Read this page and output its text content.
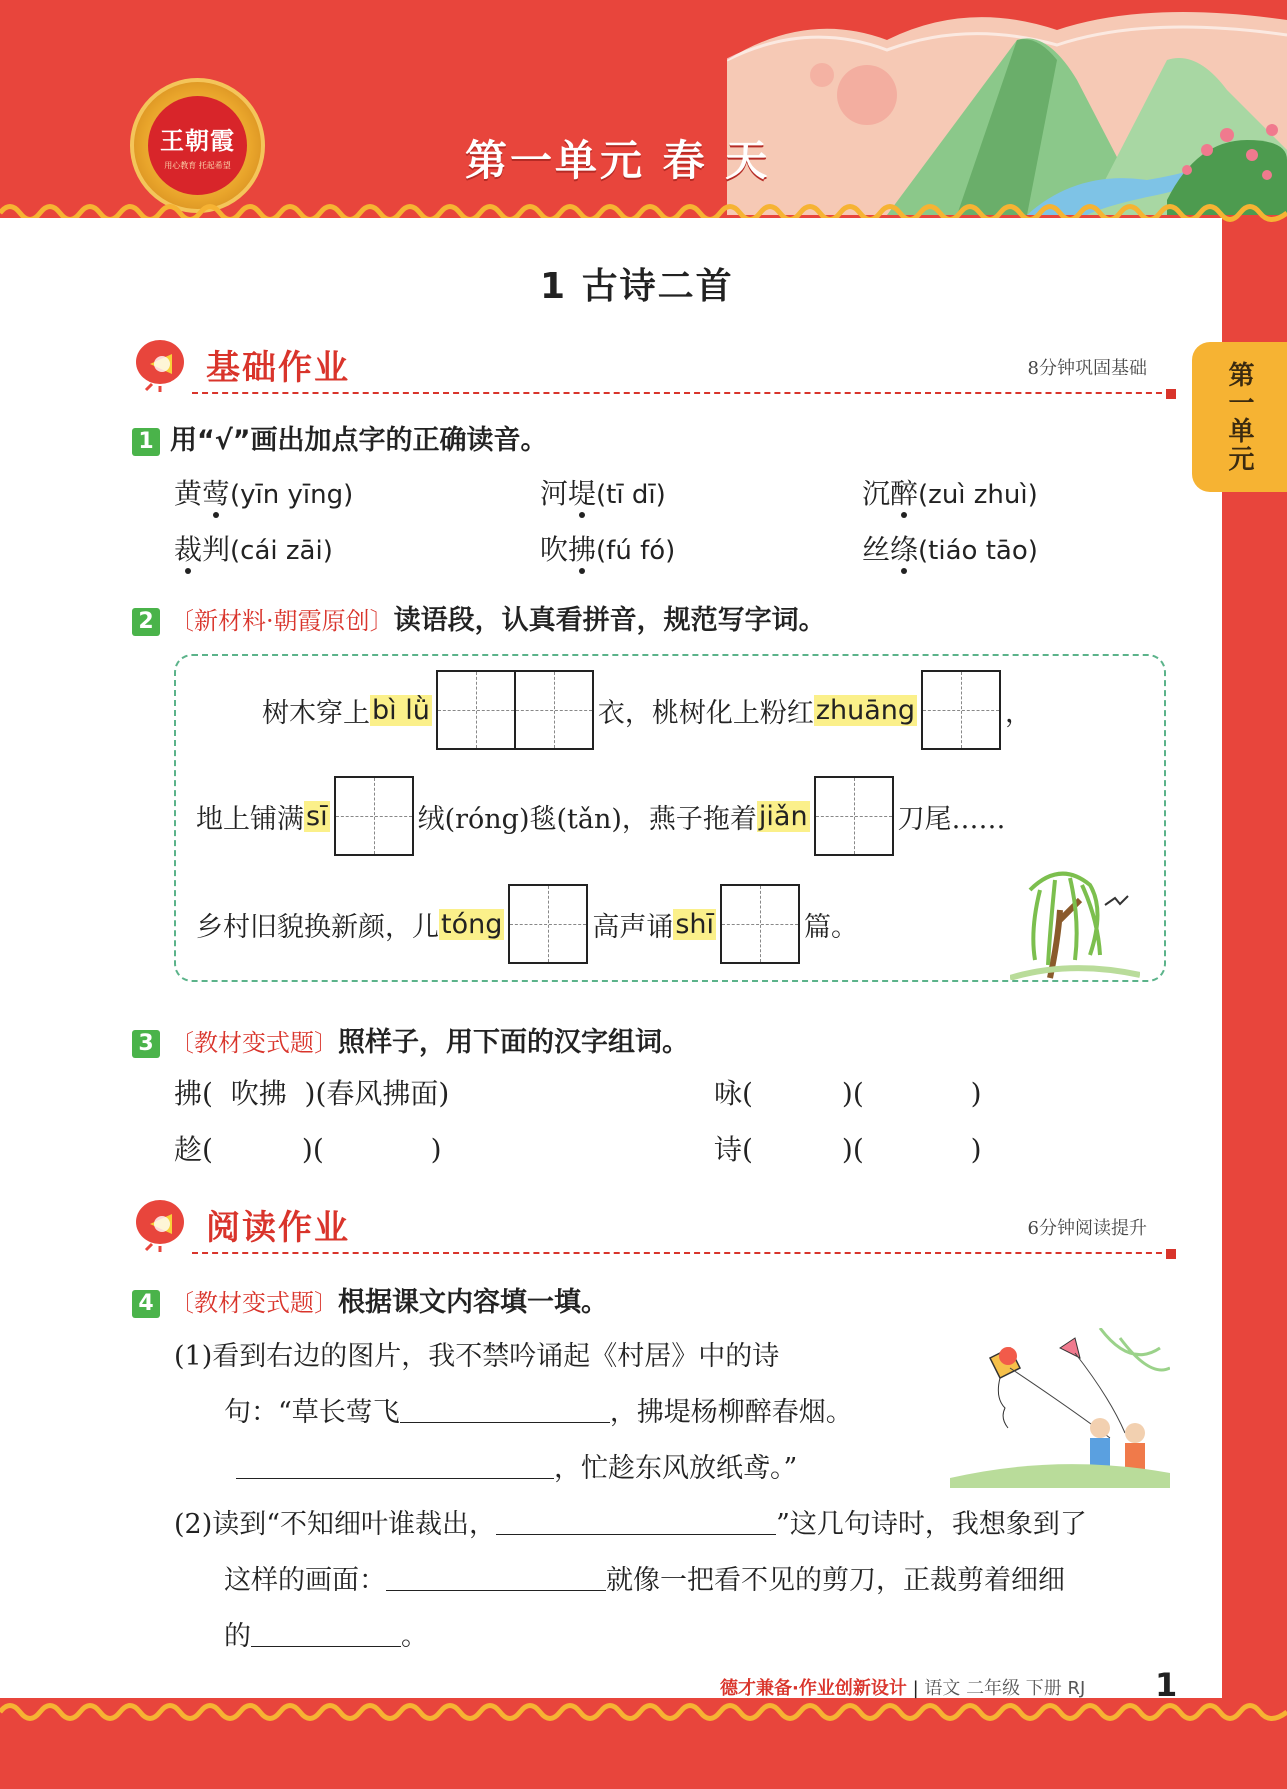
王朝霞
用心教育 托起希望	第一单元 春 天
第一单元
1 古诗二首
基础作业	8分钟巩固基础
1 用“√”画出加点字的正确读音。
黄莺(yīn yīng)	河堤(tī dī)	沉醉(zuì zhuì)
裁判(cái zāi)	吹拂(fú fó)	丝绦(tiáo tāo)
2 〔新材料·朝霞原创〕读语段，认真看拼音，规范写字词。
树木穿上 bì lǜ	衣，桃树化上粉红 zhuāng	，
地上铺满 sī	绒(róng)毯(tǎn)，燕子拖着 jiǎn	刀尾……
乡村旧貌换新颜，儿 tóng	高声诵 shī	篇。
3 〔教材变式题〕照样子，用下面的汉字组词。
拂(  吹拂  )(春风拂面)	咏(          )(            )
趁(          )(            )	诗(          )(            )
阅读作业	6分钟阅读提升
4 〔教材变式题〕根据课文内容填一填。
(1)看到右边的图片，我不禁吟诵起《村居》中的诗
句：“草长莺飞	，拂堤杨柳醉春烟。
，忙趁东风放纸鸢。”
(2)读到“不知细叶谁裁出，	”这几句诗时，我想象到了
这样的画面：	就像一把看不见的剪刀，正裁剪着细细
的	。
德才兼备·作业创新设计 | 语文 二年级 下册 RJ 1
